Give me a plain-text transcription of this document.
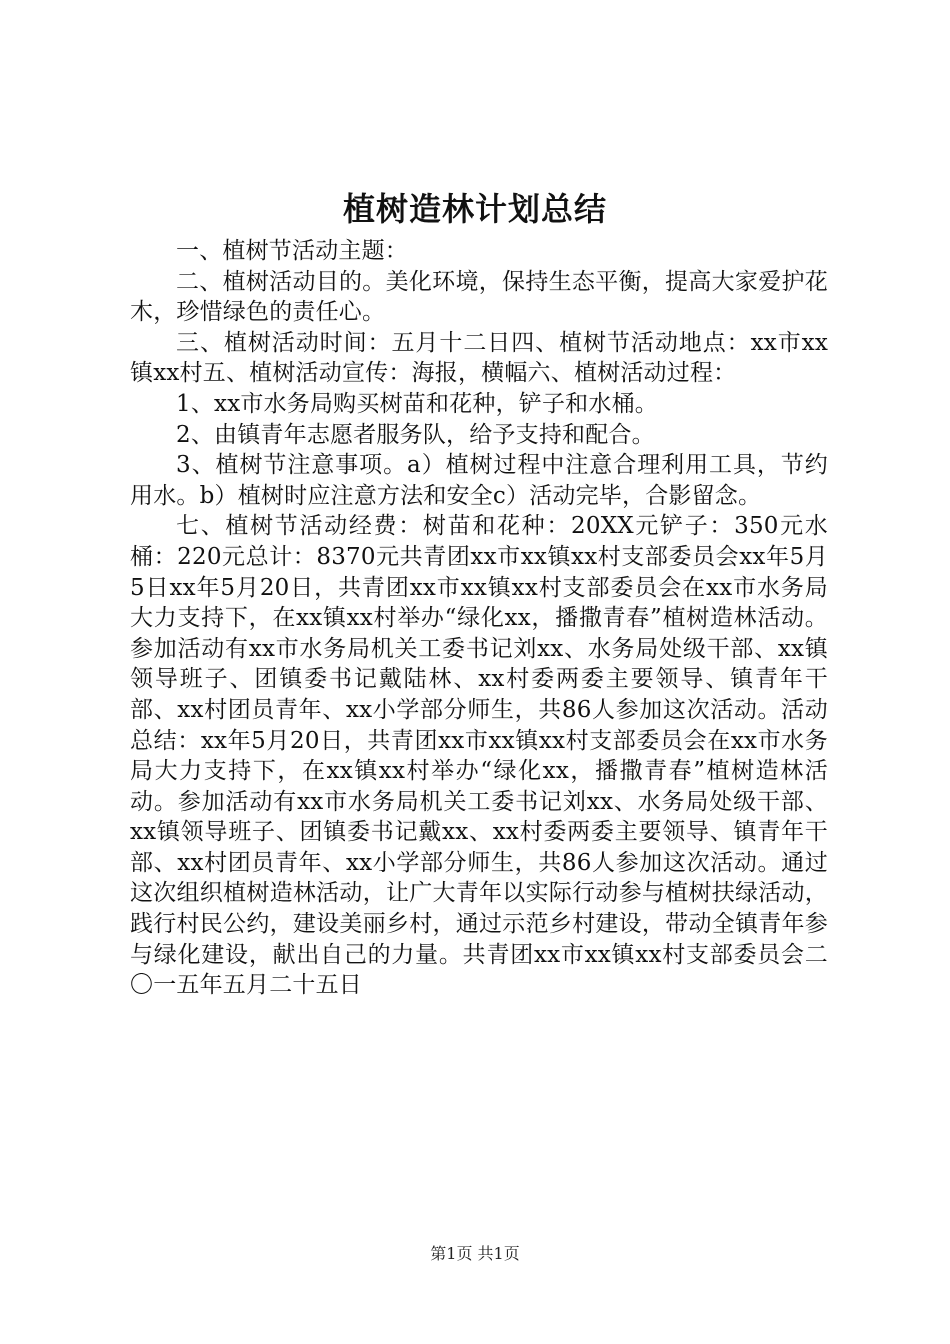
植树造林计划总结

一、植树节活动主题：

二、植树活动目的。美化环境，保持生态平衡，提高大家爱护花木，珍惜绿色的责任心。

三、植树活动时间：五月十二日四、植树节活动地点：xx市xx镇xx村五、植树活动宣传：海报，横幅六、植树活动过程：

1、xx市水务局购买树苗和花种，铲子和水桶。

2、由镇青年志愿者服务队，给予支持和配合。

3、植树节注意事项。a）植树过程中注意合理利用工具，节约用水。b）植树时应注意方法和安全c）活动完毕，合影留念。

七、植树节活动经费：树苗和花种：20XX元铲子：350元水桶：220元总计：8370元共青团xx市xx镇xx村支部委员会xx年5月5日xx年5月20日，共青团xx市xx镇xx村支部委员会在xx市水务局大力支持下，在xx镇xx村举办“绿化xx，播撒青春”植树造林活动。参加活动有xx市水务局机关工委书记刘xx、水务局处级干部、xx镇领导班子、团镇委书记戴陆林、xx村委两委主要领导、镇青年干部、xx村团员青年、xx小学部分师生，共86人参加这次活动。活动总结：xx年5月20日，共青团xx市xx镇xx村支部委员会在xx市水务局大力支持下，在xx镇xx村举办“绿化xx，播撒青春”植树造林活动。参加活动有xx市水务局机关工委书记刘xx、水务局处级干部、xx镇领导班子、团镇委书记戴xx、xx村委两委主要领导、镇青年干部、xx村团员青年、xx小学部分师生，共86人参加这次活动。通过这次组织植树造林活动，让广大青年以实际行动参与植树扶绿活动，践行村民公约，建设美丽乡村，通过示范乡村建设，带动全镇青年参与绿化建设，献出自己的力量。共青团xx市xx镇xx村支部委员会二〇一五年五月二十五日

第1页 共1页
